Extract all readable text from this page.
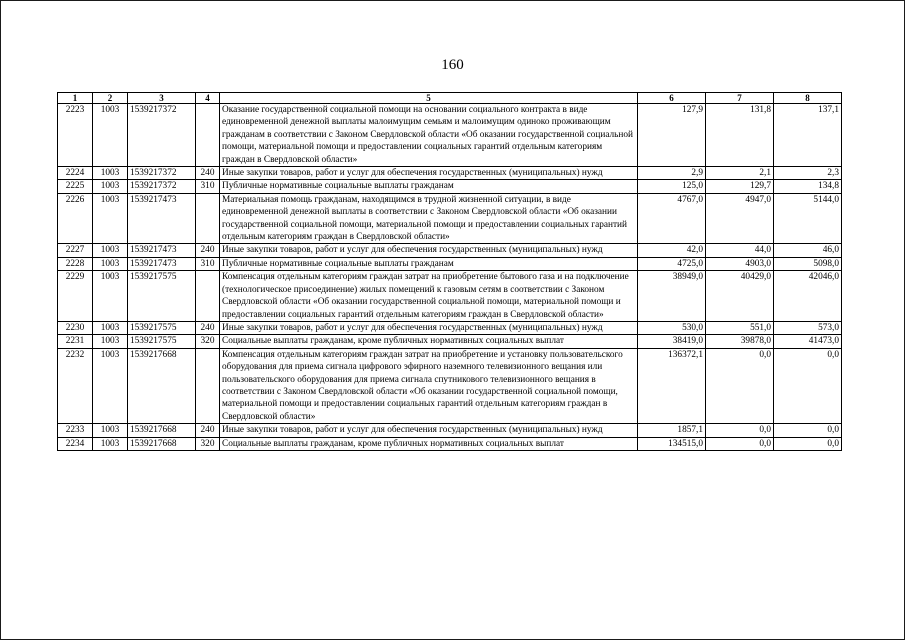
160
1	2	3	4	5	6	7	8
2223	1003	1539217372		Оказание государственной социальной помощи на основании социального контракта в виде единовременной денежной выплаты малоимущим семьям и малоимущим одиноко проживающим гражданам в соответствии с Законом Свердловской области «Об оказании государственной социальной помощи, материальной помощи и предоставлении социальных гарантий отдельным категориям граждан в Свердловской области»	127,9	131,8	137,1
2224	1003	1539217372	240	Иные закупки товаров, работ и услуг для обеспечения государственных (муниципальных) нужд	2,9	2,1	2,3
2225	1003	1539217372	310	Публичные нормативные социальные выплаты гражданам	125,0	129,7	134,8
2226	1003	1539217473		Материальная помощь гражданам, находящимся в трудной жизненной ситуации, в виде единовременной денежной выплаты в соответствии с Законом Свердловской области «Об оказании государственной социальной помощи, материальной помощи и предоставлении социальных гарантий отдельным категориям граждан в Свердловской области»	4767,0	4947,0	5144,0
2227	1003	1539217473	240	Иные закупки товаров, работ и услуг для обеспечения государственных (муниципальных) нужд	42,0	44,0	46,0
2228	1003	1539217473	310	Публичные нормативные социальные выплаты гражданам	4725,0	4903,0	5098,0
2229	1003	1539217575		Компенсация отдельным категориям граждан затрат на приобретение бытового газа и на подключение (технологическое присоединение) жилых помещений к газовым сетям в соответствии с Законом Свердловской области «Об оказании государственной социальной помощи, материальной помощи и предоставлении социальных гарантий отдельным категориям граждан в Свердловской области»	38949,0	40429,0	42046,0
2230	1003	1539217575	240	Иные закупки товаров, работ и услуг для обеспечения государственных (муниципальных) нужд	530,0	551,0	573,0
2231	1003	1539217575	320	Социальные выплаты гражданам, кроме публичных нормативных социальных выплат	38419,0	39878,0	41473,0
2232	1003	1539217668		Компенсация отдельным категориям граждан затрат на приобретение и установку пользовательского оборудования для приема сигнала цифрового эфирного наземного телевизионного вещания или пользовательского оборудования для приема сигнала спутникового телевизионного вещания в соответствии с Законом Свердловской области «Об оказании государственной социальной помощи, материальной помощи и предоставлении социальных гарантий отдельным категориям граждан в Свердловской области»	136372,1	0,0	0,0
2233	1003	1539217668	240	Иные закупки товаров, работ и услуг для обеспечения государственных (муниципальных) нужд	1857,1	0,0	0,0
2234	1003	1539217668	320	Социальные выплаты гражданам, кроме публичных нормативных социальных выплат	134515,0	0,0	0,0
